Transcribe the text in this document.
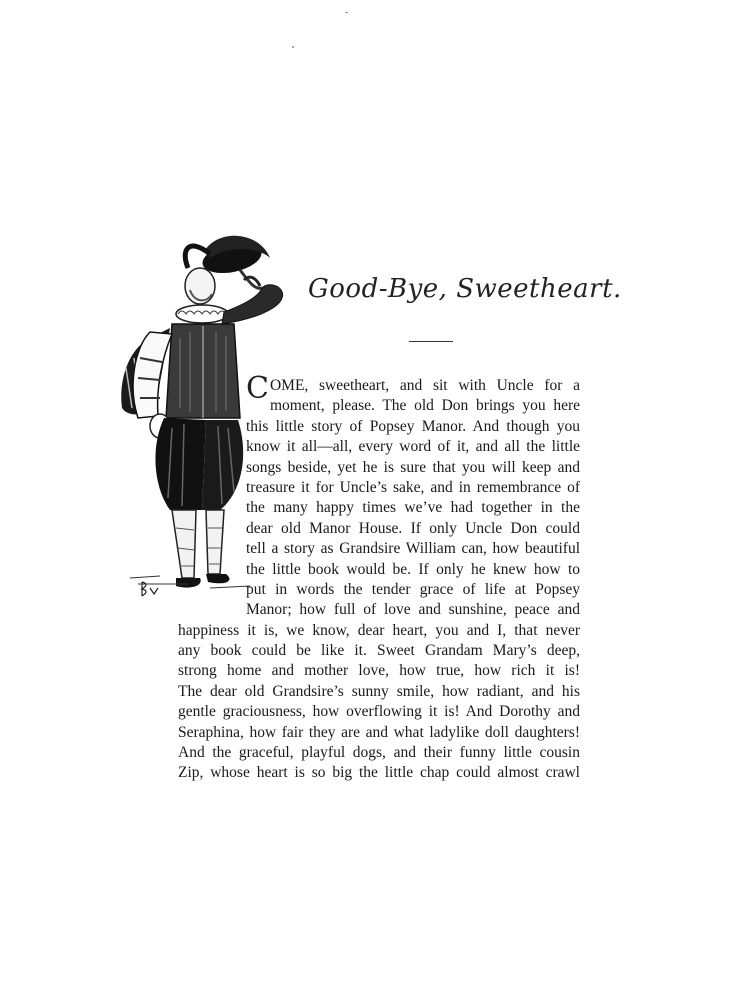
Good-Bye, Sweetheart.
COME, sweetheart, and sit with Uncle for a
moment, please. The old Don brings you here
this little story of Popsey Manor. And though you
know it all—all, every word of it, and all the little
songs beside, yet he is sure that you will keep and
treasure it for Uncle’s sake, and in remembrance of
the many happy times we’ve had together in the
dear old Manor House. If only Uncle Don could
tell a story as Grandsire William can, how beautiful
the little book would be. If only he knew how to
put in words the tender grace of life at Popsey
Manor; how full of love and sunshine, peace and
happiness it is, we know, dear heart, you and I, that never
any book could be like it. Sweet Grandam Mary’s deep,
strong home and mother love, how true, how rich it is!
The dear old Grandsire’s sunny smile, how radiant, and his
gentle graciousness, how overflowing it is! And Dorothy and
Seraphina, how fair they are and what ladylike doll daughters!
And the graceful, playful dogs, and their funny little cousin
Zip, whose heart is so big the little chap could almost crawl
